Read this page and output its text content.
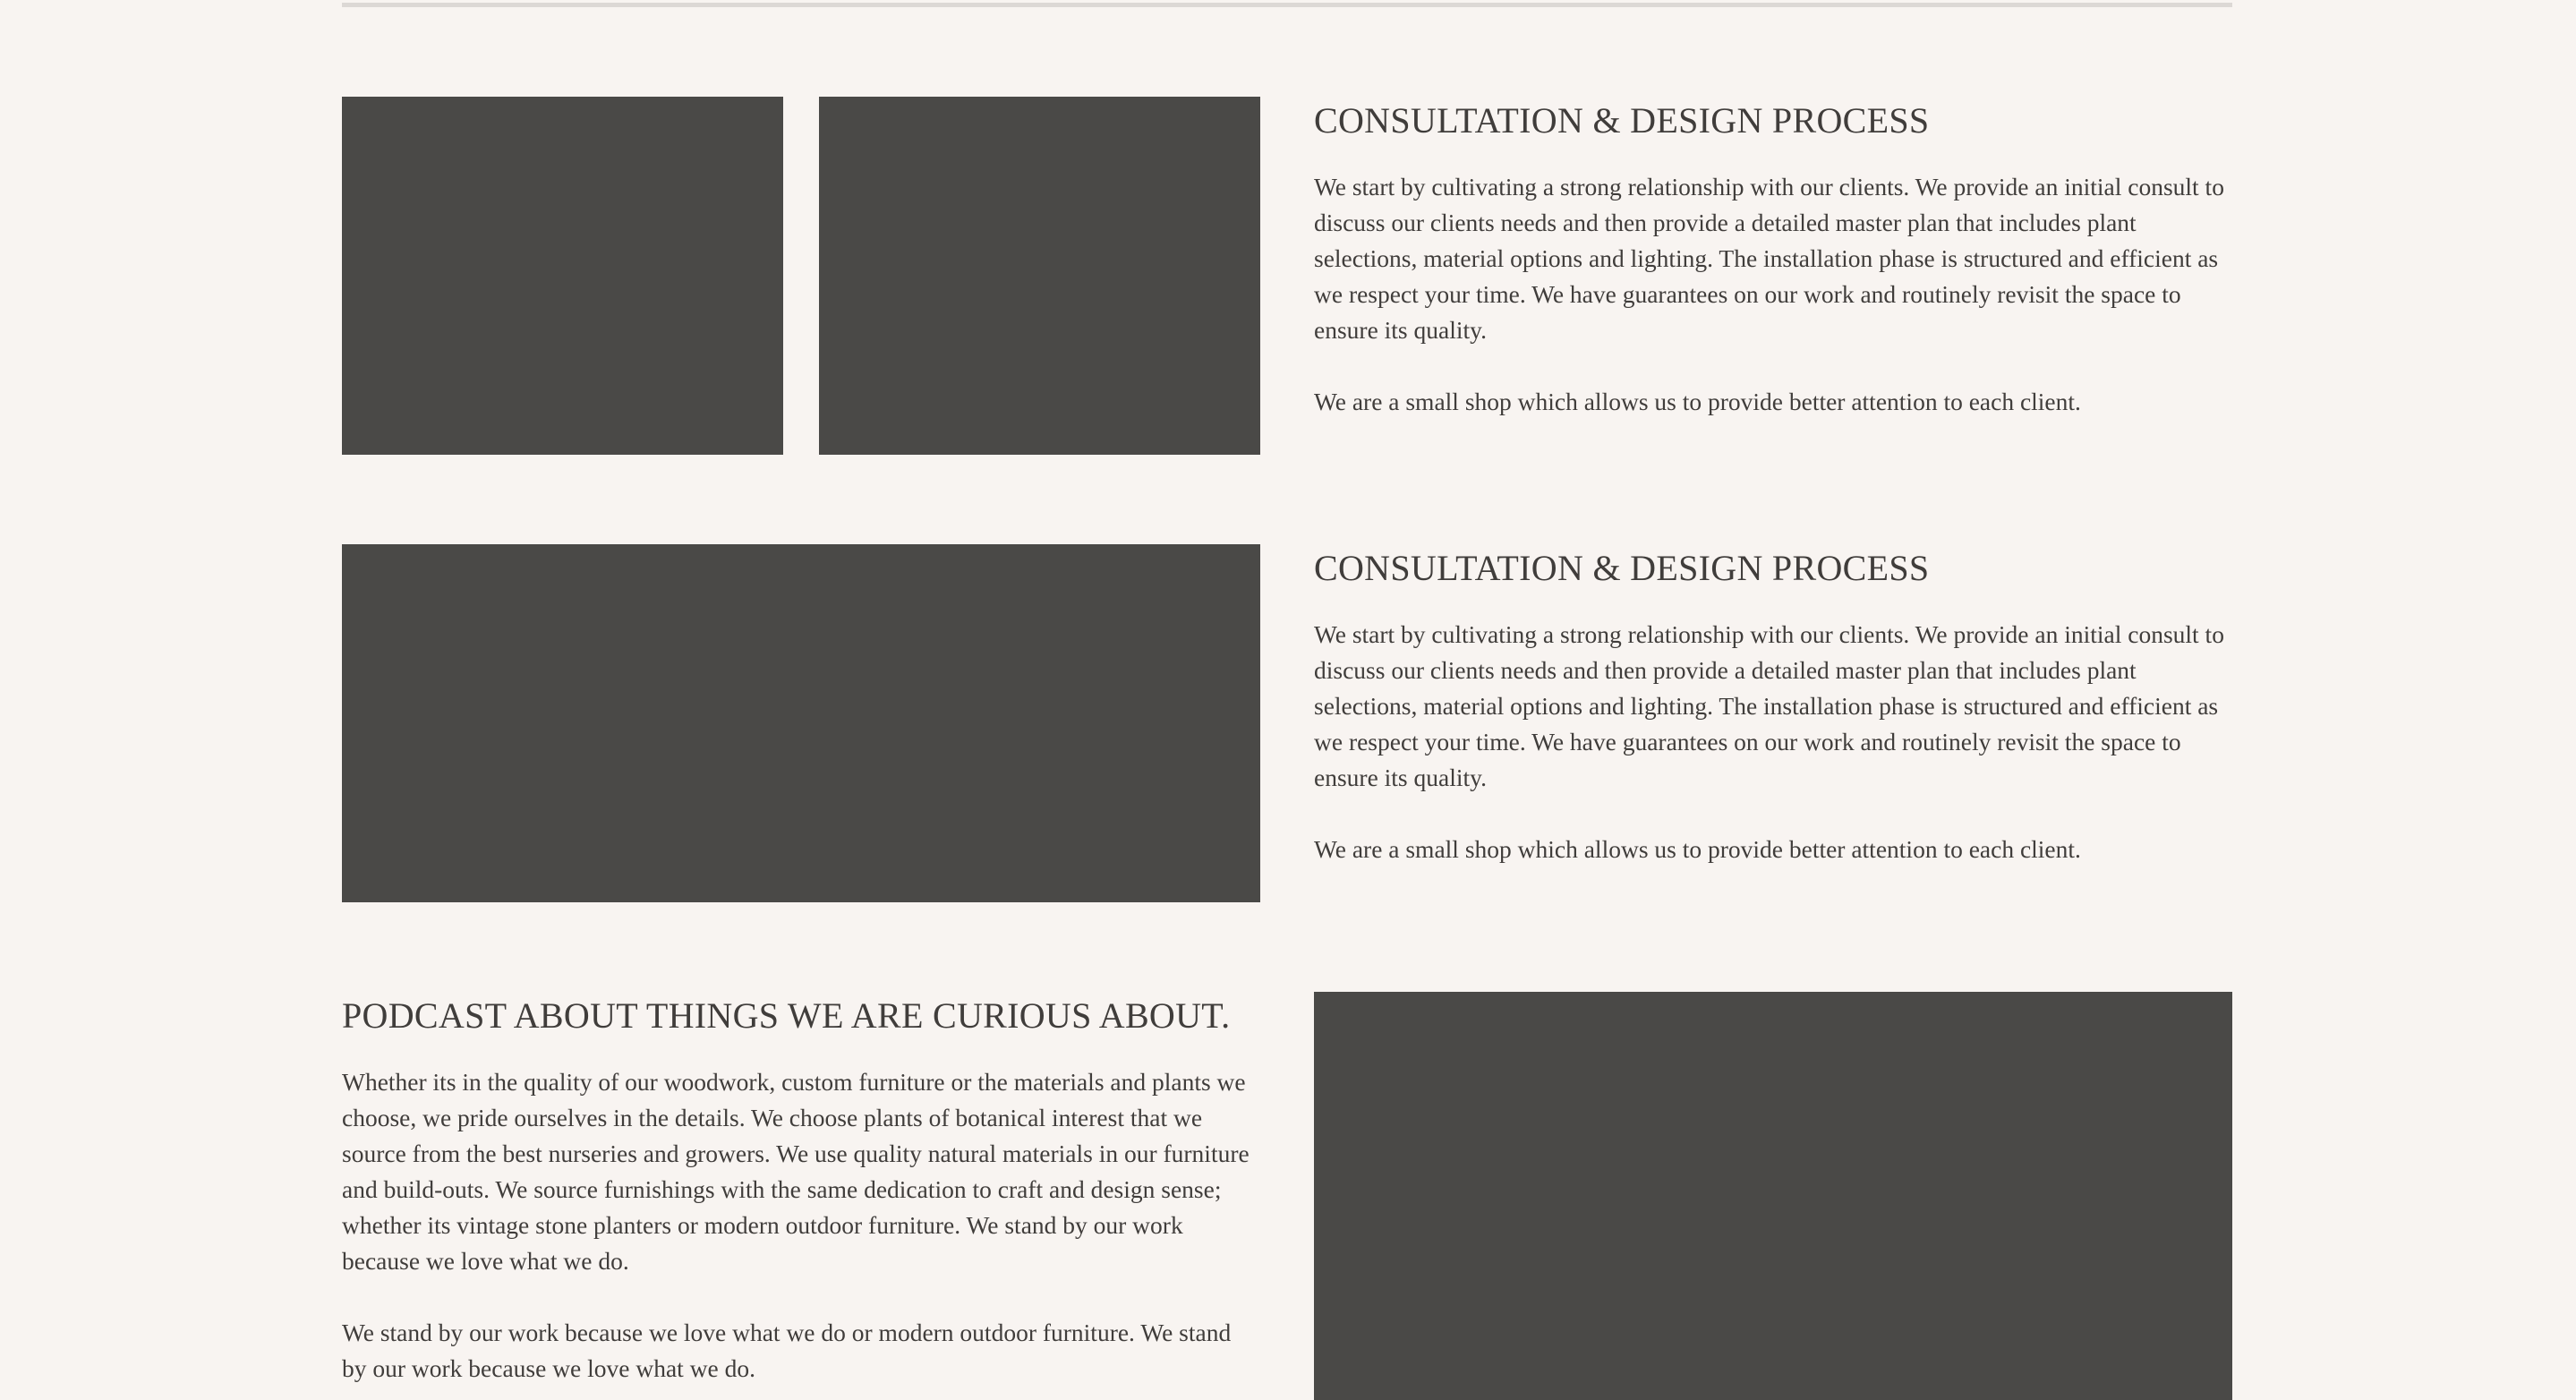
CONSULTATION & DESIGN PROCESS

We start by cultivating a strong relationship with our clients. We provide an initial consult to discuss our clients needs and then provide a detailed master plan that includes plant selections, material options and lighting. The installation phase is structured and efficient as we respect your time. We have guarantees on our work and routinely revisit the space to ensure its quality.

We are a small shop which allows us to provide better attention to each client.

CONSULTATION & DESIGN PROCESS

We start by cultivating a strong relationship with our clients. We provide an initial consult to discuss our clients needs and then provide a detailed master plan that includes plant selections, material options and lighting. The installation phase is structured and efficient as we respect your time. We have guarantees on our work and routinely revisit the space to ensure its quality.

We are a small shop which allows us to provide better attention to each client.

PODCAST ABOUT THINGS WE ARE CURIOUS ABOUT.

Whether its in the quality of our woodwork, custom furniture or the materials and plants we choose, we pride ourselves in the details. We choose plants of botanical interest that we source from the best nurseries and growers. We use quality natural materials in our furniture and build-outs. We source furnishings with the same dedication to craft and design sense; whether its vintage stone planters or modern outdoor furniture. We stand by our work because we love what we do.

We stand by our work because we love what we do or modern outdoor furniture. We stand by our work because we love what we do.
